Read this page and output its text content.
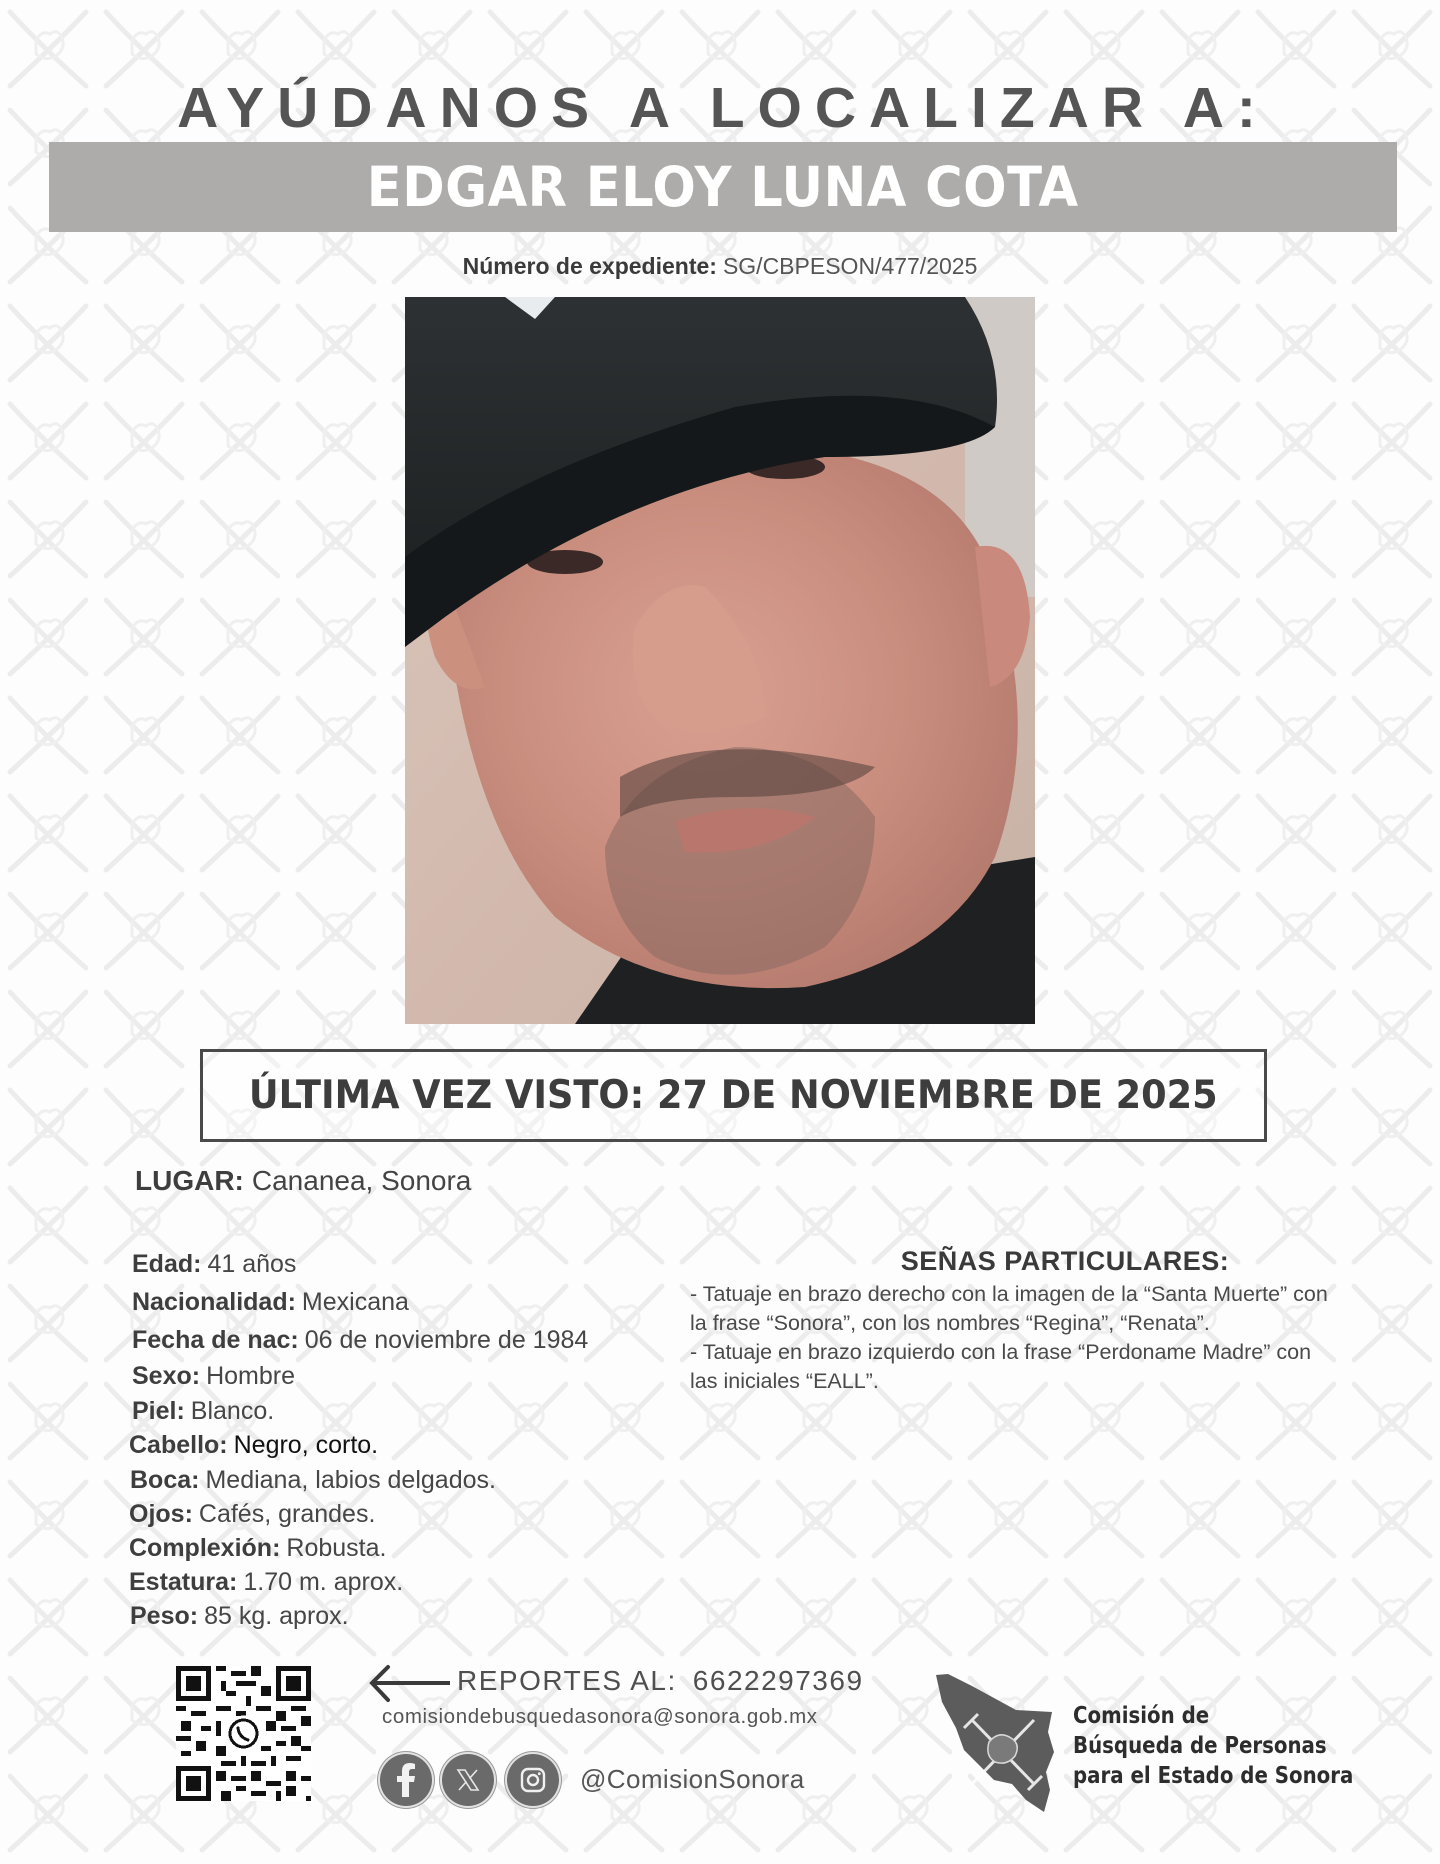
AYÚDANOS A LOCALIZAR A:
EDGAR ELOY LUNA COTA
Número de expediente: SG/CBPESON/477/2025
ÚLTIMA VEZ VISTO: 27 DE NOVIEMBRE DE 2025
LUGAR: Cananea, Sonora
Edad: 41 años
Nacionalidad: Mexicana
Fecha de nac: 06 de noviembre de 1984
Sexo: Hombre
Piel: Blanco.
Cabello: Negro, corto.
Boca: Mediana, labios delgados.
Ojos: Cafés, grandes.
Complexión: Robusta.
Estatura: 1.70 m. aprox.
Peso: 85 kg. aprox.
SEÑAS PARTICULARES:

- Tatuaje en brazo derecho con la imagen de la “Santa Muerte” con

la frase “Sonora”, con los nombres “Regina”, “Renata”.

- Tatuaje en brazo izquierdo con la frase “Perdoname Madre” con

las iniciales “EALL”.

REPORTES AL: 6622297369
comisiondebusquedasonora@sonora.gob.mx
@ComisionSonora
Comisión de
Búsqueda de Personas
para el Estado de Sonora
